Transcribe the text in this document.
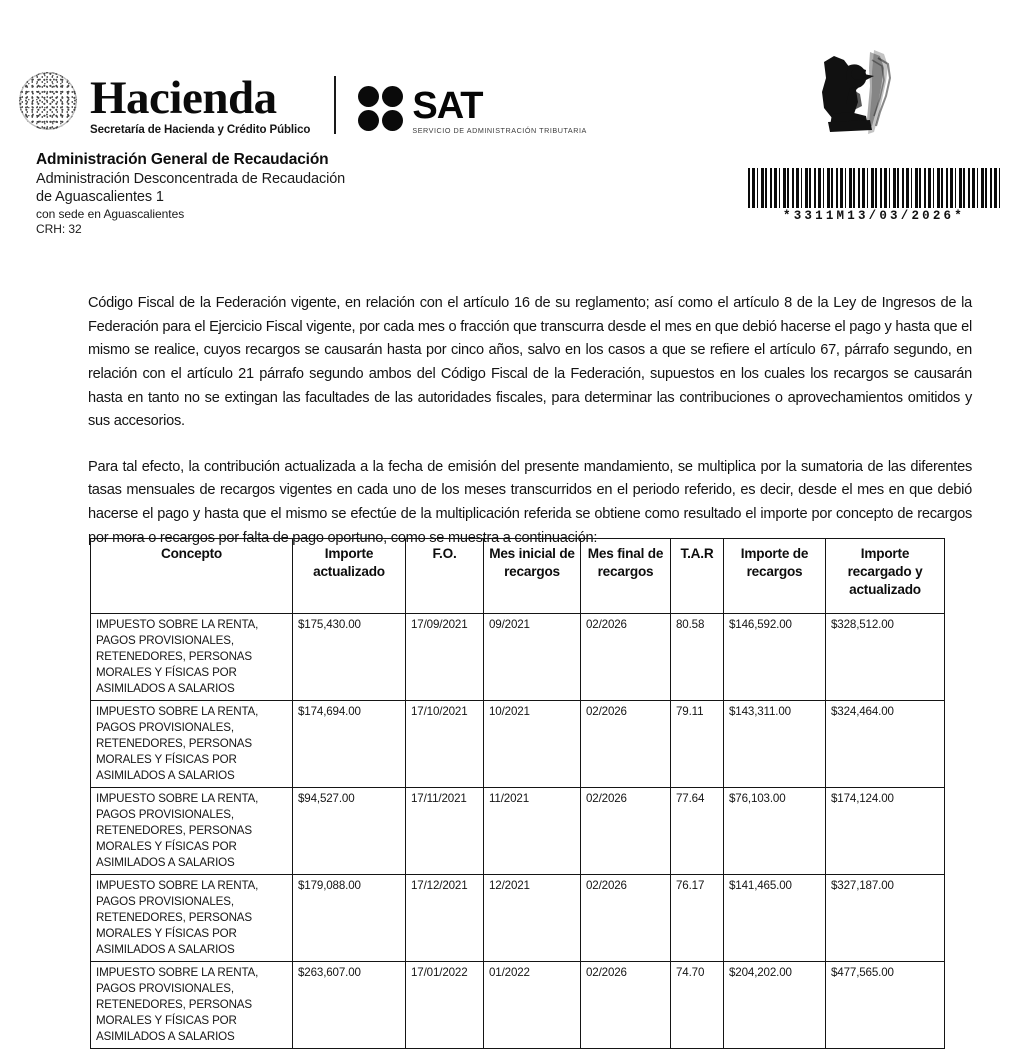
Hacienda
Secretaría de Hacienda y Crédito Público
SAT
SERVICIO DE ADMINISTRACIÓN TRIBUTARIA
Administración General de Recaudación
Administración Desconcentrada de Recaudación
de Aguascalientes 1
con sede en Aguascalientes
CRH: 32
*3311M13/03/2026*

Código Fiscal de la Federación vigente, en relación con el artículo 16 de su reglamento; así como el artículo 8 de la Ley de Ingresos de la Federación para el Ejercicio Fiscal vigente, por cada mes o fracción que transcurra desde el mes en que debió hacerse el pago y hasta que el mismo se realice, cuyos recargos se causarán hasta por cinco años, salvo en los casos a que se refiere el artículo 67, párrafo segundo, en relación con el artículo 21 párrafo segundo ambos del Código Fiscal de la Federación, supuestos en los cuales los recargos se causarán hasta en tanto no se extingan las facultades de las autoridades fiscales, para determinar las contribuciones o aprovechamientos omitidos y sus accesorios.

Para tal efecto, la contribución actualizada a la fecha de emisión del presente mandamiento, se multiplica por la sumatoria de las diferentes tasas mensuales de recargos vigentes en cada uno de los meses transcurridos en el periodo referido, es decir, desde el mes en que debió hacerse el pago y hasta que el mismo se efectúe de la multiplicación referida se obtiene como resultado el importe por concepto de recargos por mora o recargos por falta de pago oportuno, como se muestra a continuación:

Concepto	Importe actualizado	F.O.	Mes inicial de recargos	Mes final de recargos	T.A.R	Importe de recargos	Importe recargado y actualizado
IMPUESTO SOBRE LA RENTA, PAGOS PROVISIONALES, RETENEDORES, PERSONAS MORALES Y FÍSICAS POR ASIMILADOS A SALARIOS	$175,430.00	17/09/2021	09/2021	02/2026	80.58	$146,592.00	$328,512.00
IMPUESTO SOBRE LA RENTA, PAGOS PROVISIONALES, RETENEDORES, PERSONAS MORALES Y FÍSICAS POR ASIMILADOS A SALARIOS	$174,694.00	17/10/2021	10/2021	02/2026	79.11	$143,311.00	$324,464.00
IMPUESTO SOBRE LA RENTA, PAGOS PROVISIONALES, RETENEDORES, PERSONAS MORALES Y FÍSICAS POR ASIMILADOS A SALARIOS	$94,527.00	17/11/2021	11/2021	02/2026	77.64	$76,103.00	$174,124.00
IMPUESTO SOBRE LA RENTA, PAGOS PROVISIONALES, RETENEDORES, PERSONAS MORALES Y FÍSICAS POR ASIMILADOS A SALARIOS	$179,088.00	17/12/2021	12/2021	02/2026	76.17	$141,465.00	$327,187.00
IMPUESTO SOBRE LA RENTA, PAGOS PROVISIONALES, RETENEDORES, PERSONAS MORALES Y FÍSICAS POR ASIMILADOS A SALARIOS	$263,607.00	17/01/2022	01/2022	02/2026	74.70	$204,202.00	$477,565.00
